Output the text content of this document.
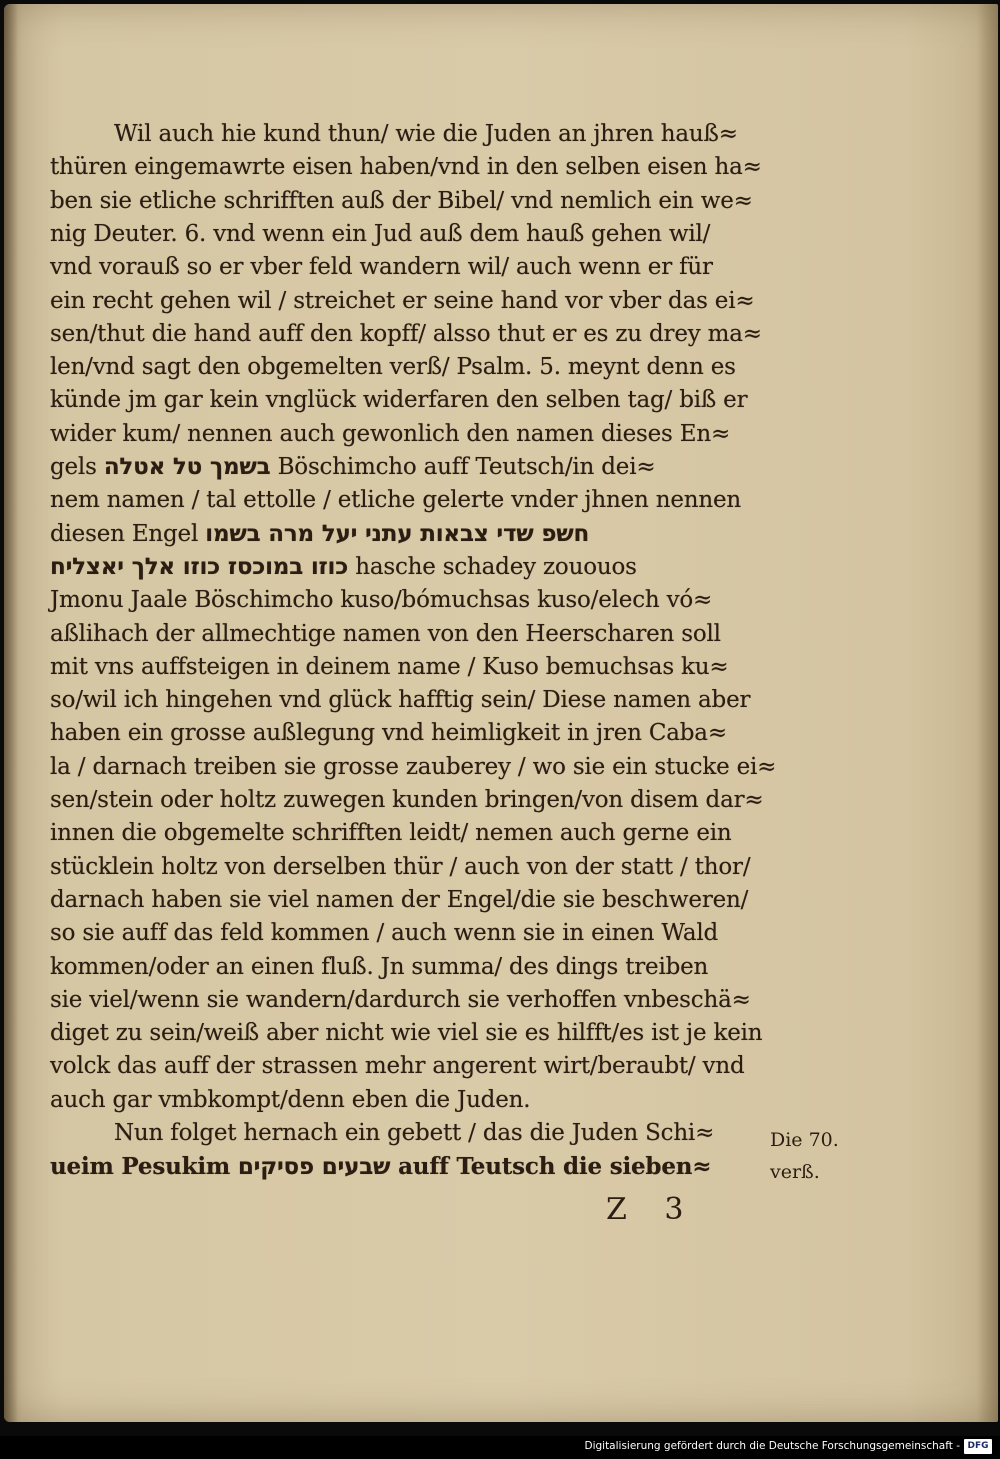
Wil auch hie kund thun/ wie die Juden an jhren hauß≈
thüren eingemawrte eisen haben/vnd in den selben eisen ha≈
ben sie etliche schrifften auß der Bibel/ vnd nemlich ein we≈
nig Deuter. 6. vnd wenn ein Jud auß dem hauß gehen wil/
vnd vorauß so er vber feld wandern wil/ auch wenn er für
ein recht gehen wil / streichet er seine hand vor vber das ei≈
sen/thut die hand auff den kopff/ alsso thut er es zu drey ma≈
len/vnd sagt den obgemelten verß/ Psalm. 5. meynt denn es
künde jm gar kein vnglück widerfaren den selben tag/ biß er
wider kum/ nennen auch gewonlich den namen dieses En≈
gels בשמך טל אטלה Böschimcho auff Teutsch/in dei≈
nem namen / tal ettolle / etliche gelerte vnder jhnen nennen
diesen Engel חשפ שדי צבאות עתני יעל מרה בשמו
כוזו במוכסז כוזו אלך יאצליח hasche schadey zououos
Jmonu Jaale Böschimcho kuso/bómuchsas kuso/elech vó≈
aßlihach der allmechtige namen von den Heerscharen soll
mit vns auffsteigen in deinem name / Kuso bemuchsas ku≈
so/wil ich hingehen vnd glück hafftig sein/ Diese namen aber
haben ein grosse außlegung vnd heimligkeit in jren Caba≈
la / darnach treiben sie grosse zauberey / wo sie ein stucke ei≈
sen/stein oder holtz zuwegen kunden bringen/von disem dar≈
innen die obgemelte schrifften leidt/ nemen auch gerne ein
stücklein holtz von derselben thür / auch von der statt / thor/
darnach haben sie viel namen der Engel/die sie beschweren/
so sie auff das feld kommen / auch wenn sie in einen Wald
kommen/oder an einen fluß. Jn summa/ des dings treiben
sie viel/wenn sie wandern/dardurch sie verhoffen vnbeschä≈
diget zu sein/weiß aber nicht wie viel sie es hilfft/es ist je kein
volck das auff der strassen mehr angerent wirt/beraubt/ vnd
auch gar vmbkompt/denn eben die Juden.
Nun folget hernach ein gebett / das die Juden Schi≈
ueim Pesukim שבעים פסיקים auff Teutsch die sieben≈
Die 70.
verß.
Z 3
Digitalisierung gefördert durch die Deutsche Forschungsgemeinschaft - DFG
